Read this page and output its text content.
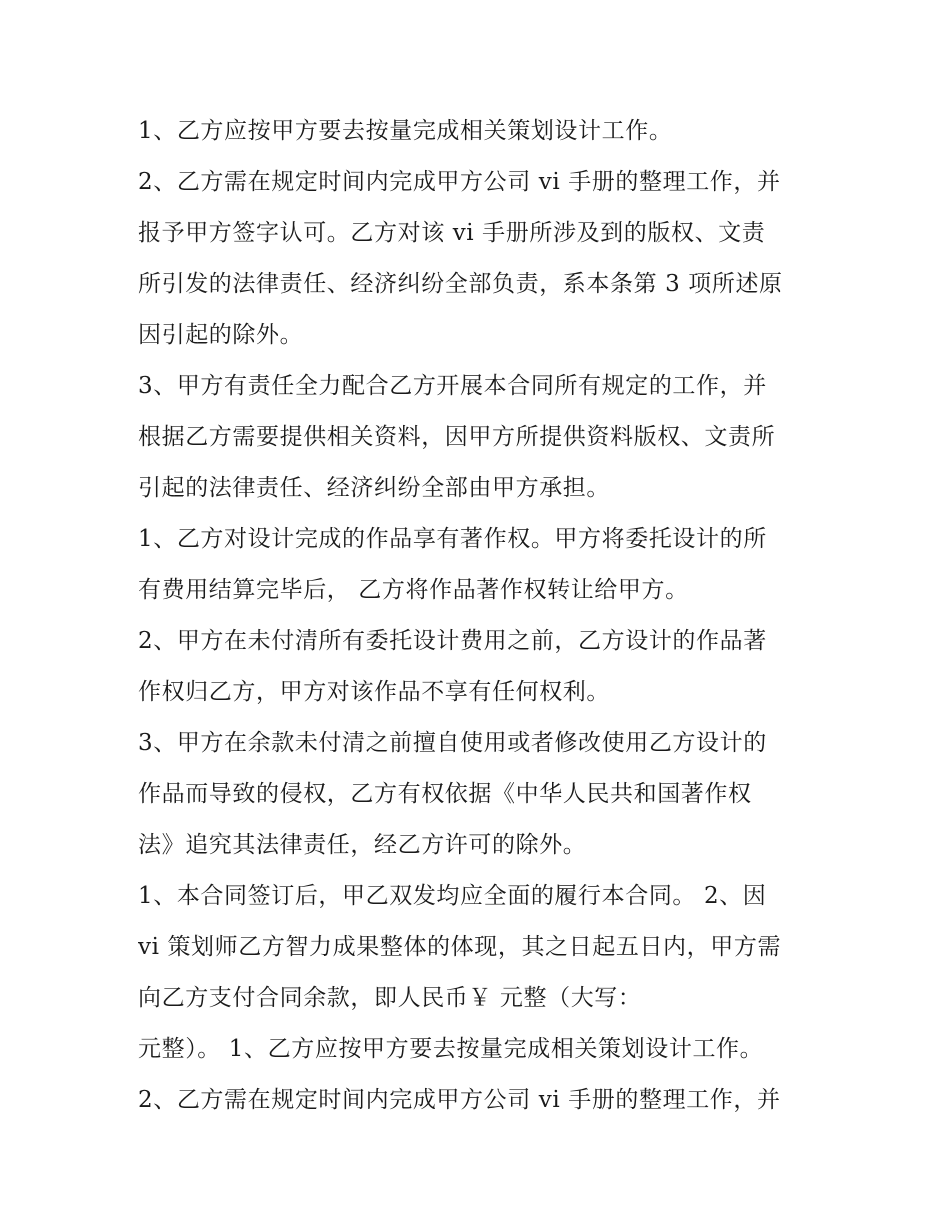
1、乙方应按甲方要去按量完成相关策划设计工作。
2、乙方需在规定时间内完成甲方公司 vi 手册的整理工作，并
报予甲方签字认可。乙方对该 vi 手册所涉及到的版权、文责
所引发的法律责任、经济纠纷全部负责，系本条第 3 项所述原
因引起的除外。
3、甲方有责任全力配合乙方开展本合同所有规定的工作，并
根据乙方需要提供相关资料，因甲方所提供资料版权、文责所
引起的法律责任、经济纠纷全部由甲方承担。
1、乙方对设计完成的作品享有著作权。甲方将委托设计的所
有费用结算完毕后， 乙方将作品著作权转让给甲方。
2、甲方在未付清所有委托设计费用之前，乙方设计的作品著
作权归乙方，甲方对该作品不享有任何权利。
3、甲方在余款未付清之前擅自使用或者修改使用乙方设计的
作品而导致的侵权，乙方有权依据《中华人民共和国著作权
法》追究其法律责任，经乙方许可的除外。
1、本合同签订后，甲乙双发均应全面的履行本合同。 2、因
vi 策划师乙方智力成果整体的体现，其之日起五日内，甲方需
向乙方支付合同余款，即人民币￥ 元整（大写：
元整）。 1、乙方应按甲方要去按量完成相关策划设计工作。
2、乙方需在规定时间内完成甲方公司 vi 手册的整理工作，并
